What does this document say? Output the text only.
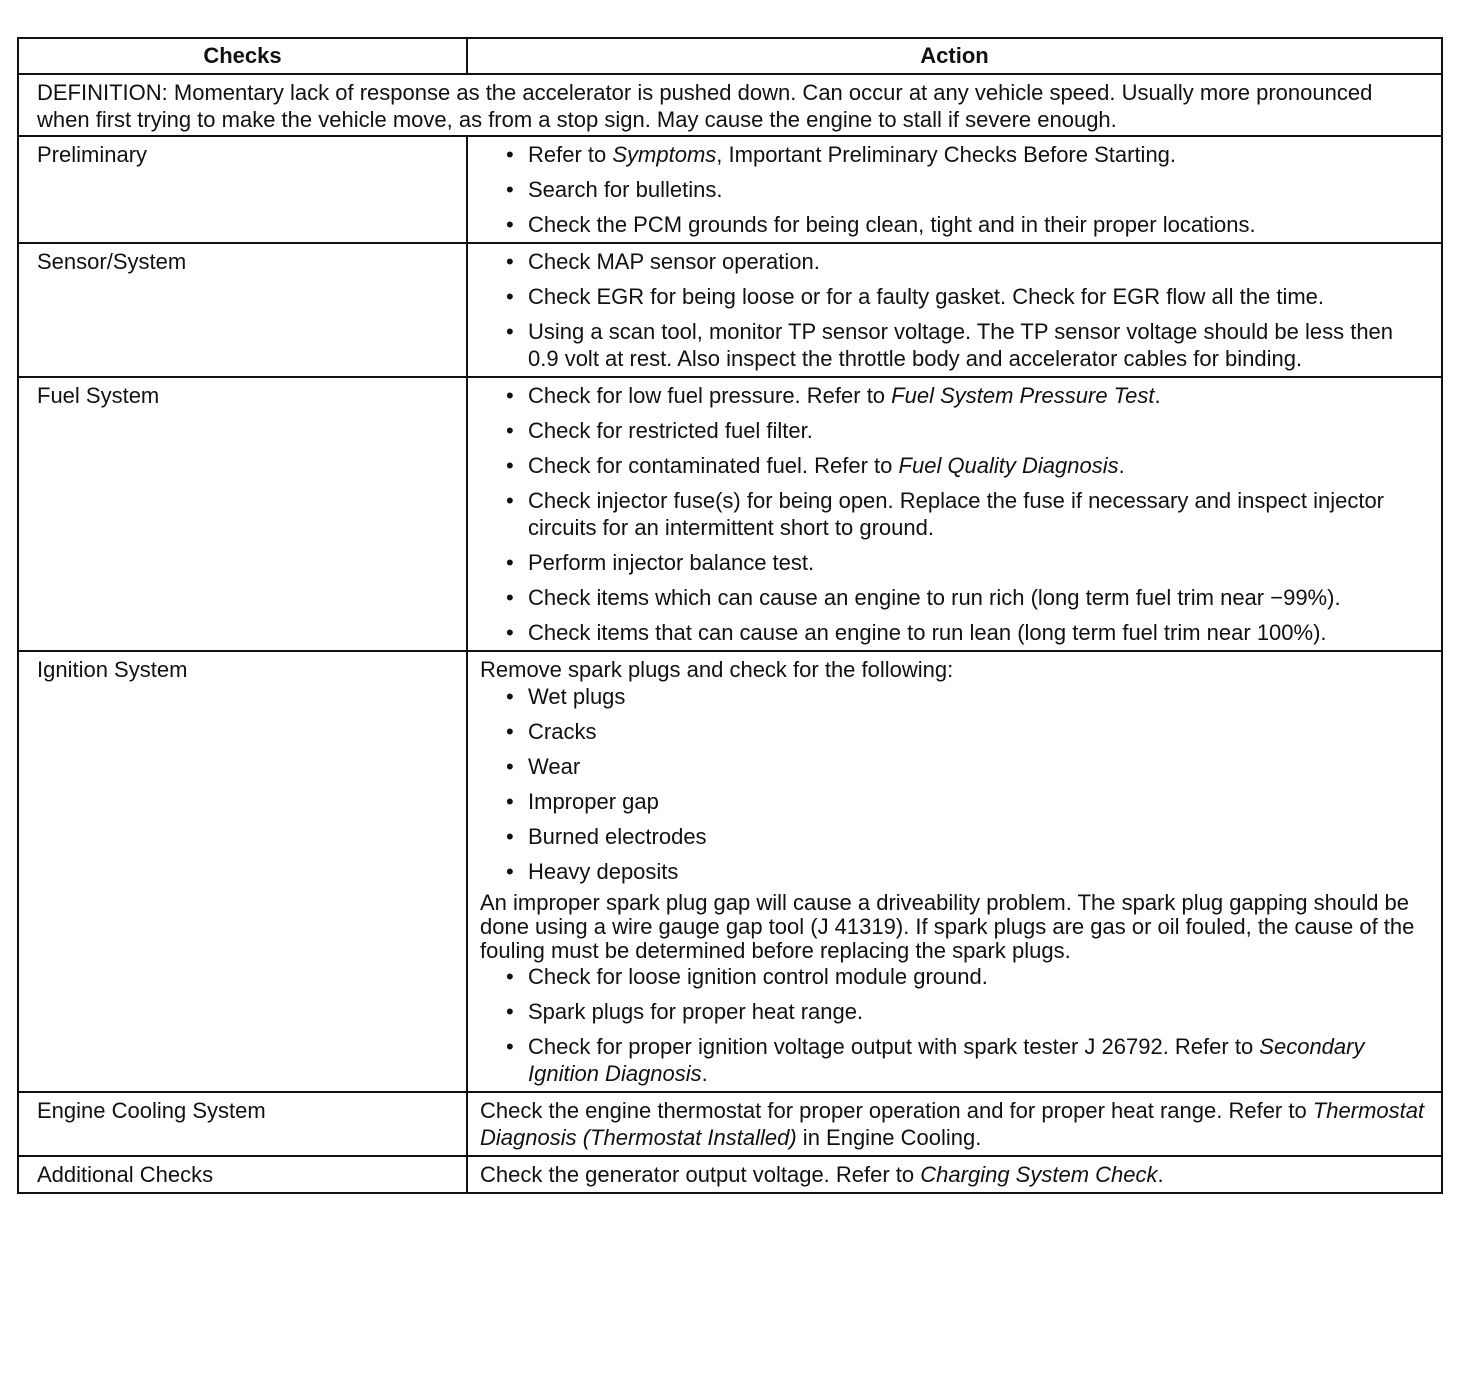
Checks	Action
DEFINITION: Momentary lack of response as the accelerator is pushed down. Can occur at any vehicle speed. Usually more pronounced when first trying to make the vehicle move, as from a stop sign. May cause the engine to stall if severe enough.	
Preliminary	• Refer to Symptoms, Important Preliminary Checks Before Starting.
• Search for bulletins.
• Check the PCM grounds for being clean, tight and in their proper locations.

Sensor/System	• Check MAP sensor operation.
• Check EGR for being loose or for a faulty gasket. Check for EGR flow all the time.
• Using a scan tool, monitor TP sensor voltage. The TP sensor voltage should be less then 0.9 volt at rest. Also inspect the throttle body and accelerator cables for binding.

Fuel System	• Check for low fuel pressure. Refer to Fuel System Pressure Test.
• Check for restricted fuel filter.
• Check for contaminated fuel. Refer to Fuel Quality Diagnosis.
• Check injector fuse(s) for being open. Replace the fuse if necessary and inspect injector circuits for an intermittent short to ground.
• Perform injector balance test.
• Check items which can cause an engine to run rich (long term fuel trim near −99%).
• Check items that can cause an engine to run lean (long term fuel trim near 100%).

Ignition System	Remove spark plugs and check for the following:

• Wet plugs
• Cracks
• Wear
• Improper gap
• Burned electrodes
• Heavy deposits

An improper spark plug gap will cause a driveability problem. The spark plug gapping should be done using a wire gauge gap tool (J 41319). If spark plugs are gas or oil fouled, the cause of the fouling must be determined before replacing the spark plugs.

• Check for loose ignition control module ground.
• Spark plugs for proper heat range.
• Check for proper ignition voltage output with spark tester J 26792. Refer to Secondary Ignition Diagnosis.

Engine Cooling System	Check the engine thermostat for proper operation and for proper heat range. Refer to Thermostat Diagnosis (Thermostat Installed) in Engine Cooling.
Additional Checks	Check the generator output voltage. Refer to Charging System Check.
